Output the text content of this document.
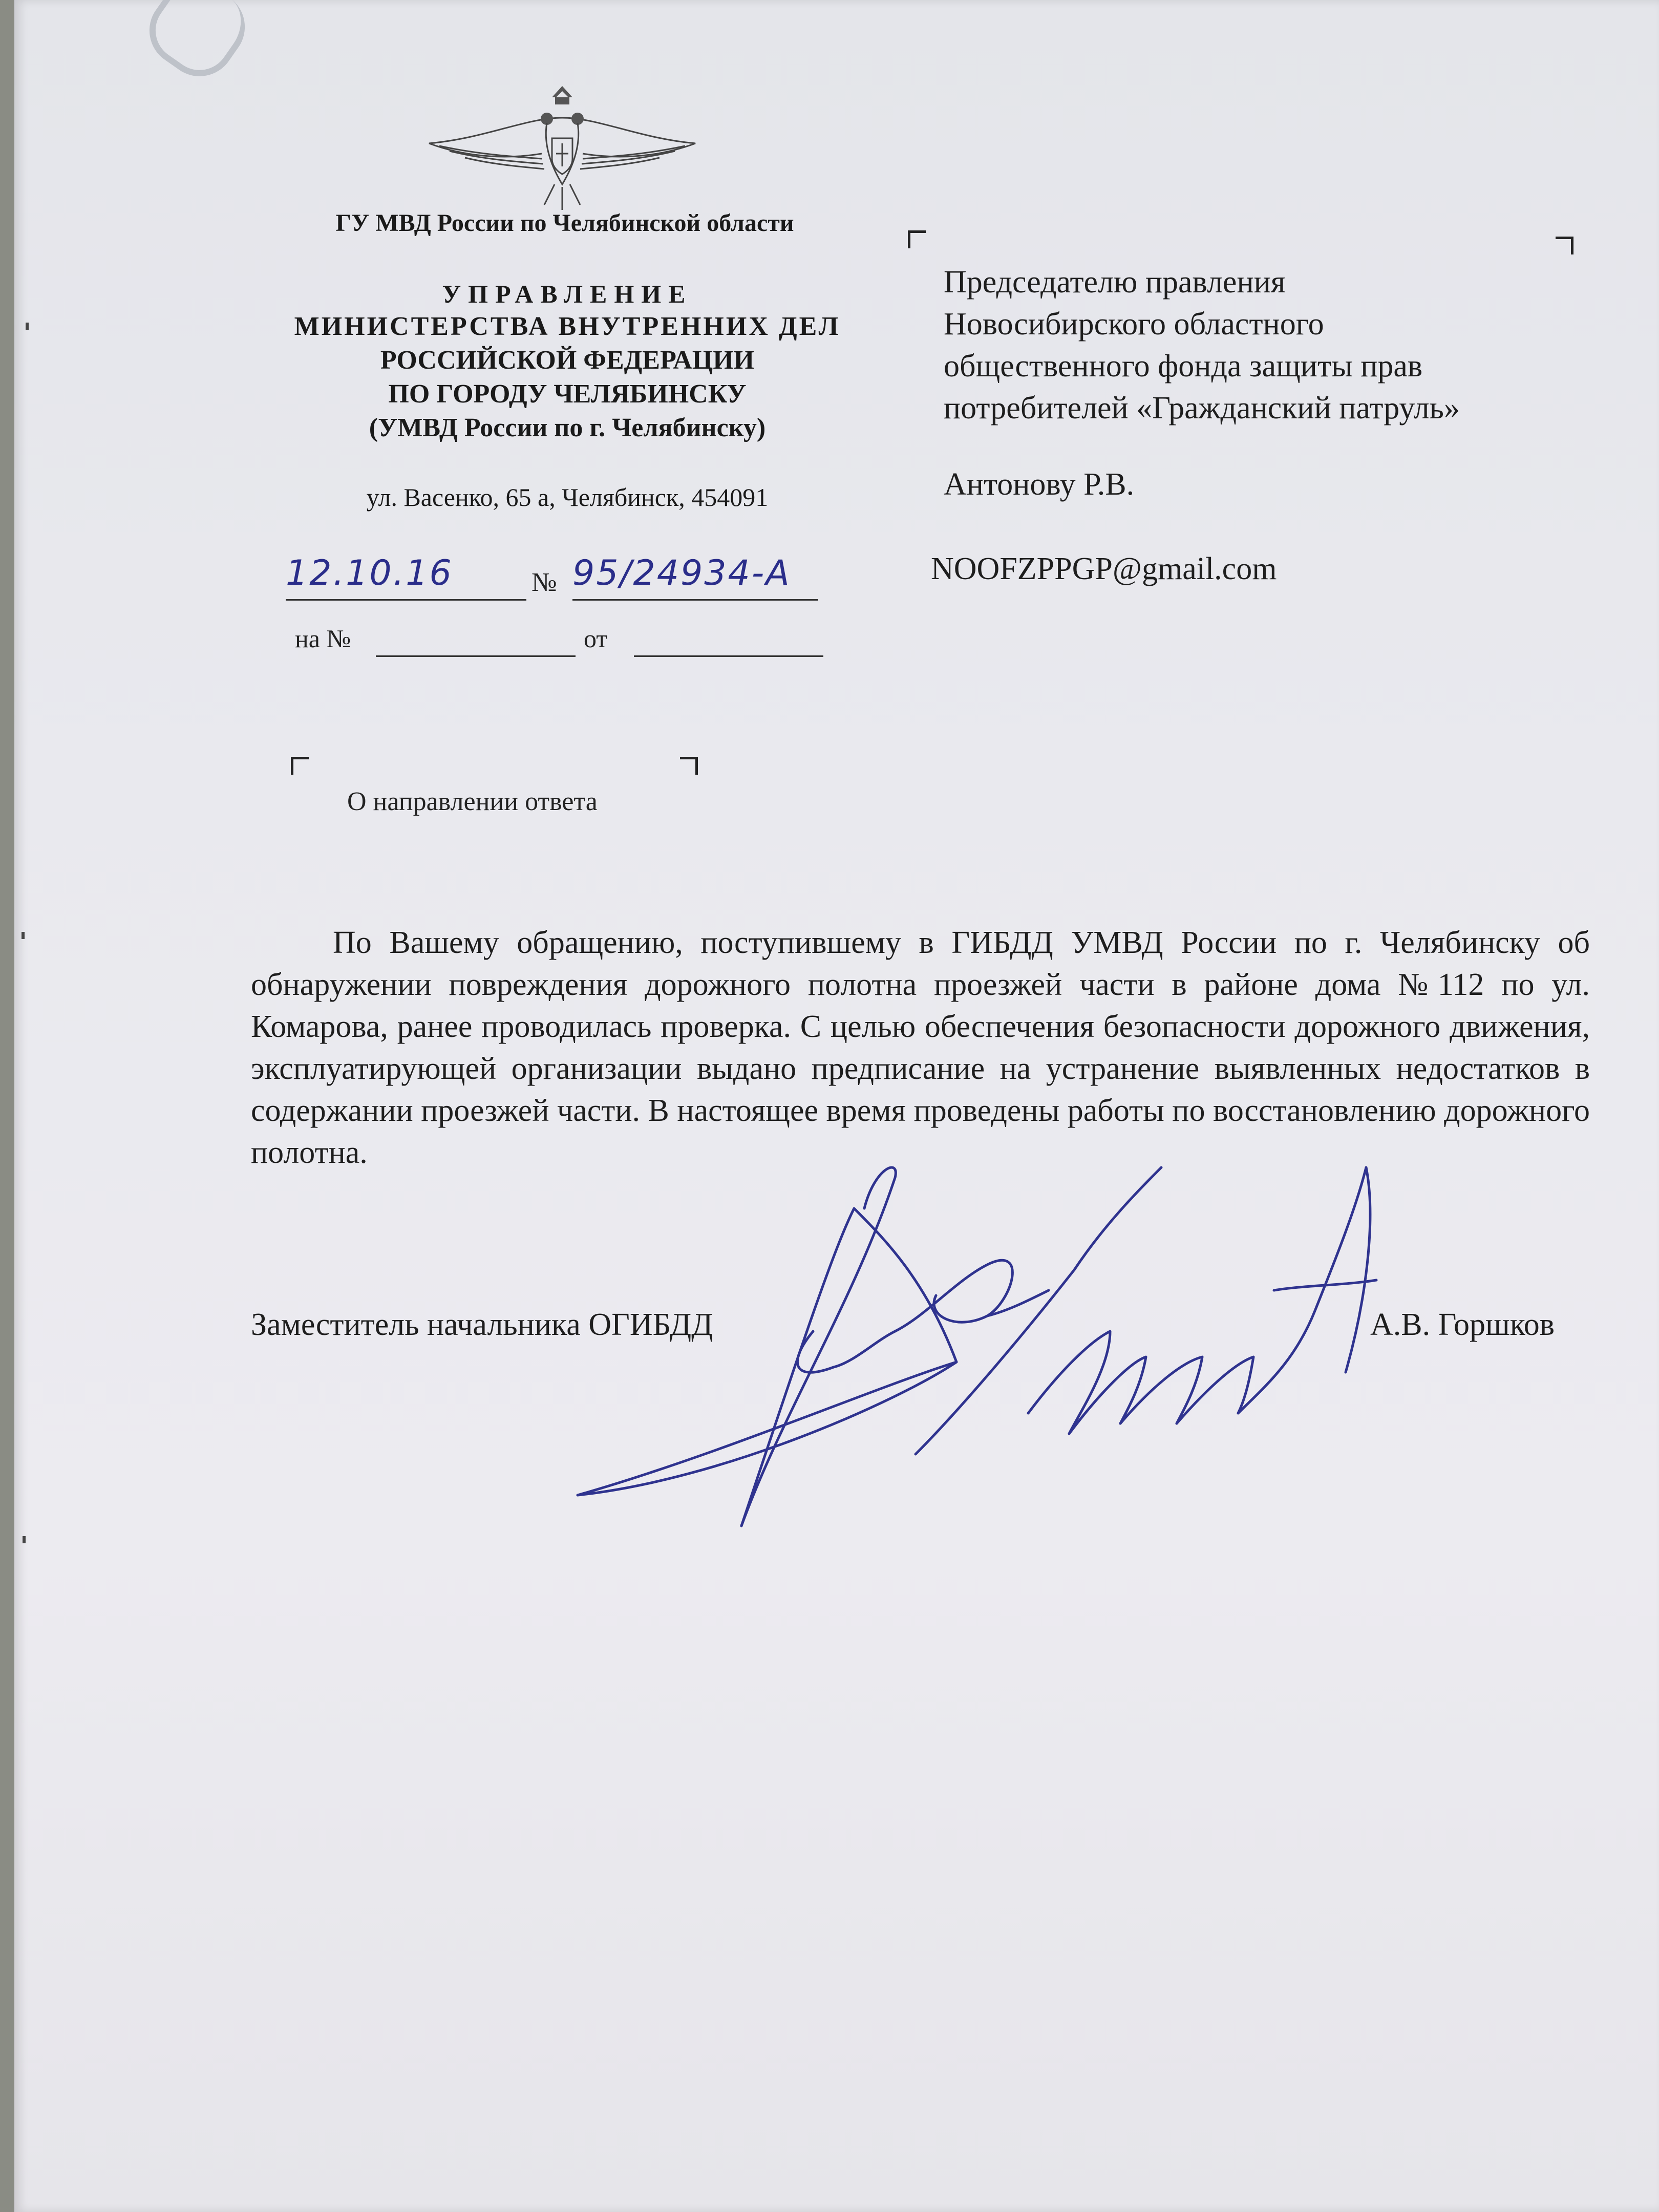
ГУ МВД России по Челябинской области
УПРАВЛЕНИЕ
МИНИСТЕРСТВА ВНУТРЕННИХ ДЕЛ
РОССИЙСКОЙ ФЕДЕРАЦИИ
ПО ГОРОДУ ЧЕЛЯБИНСКУ
(УМВД России по г. Челябинску)
ул. Васенко, 65 а, Челябинск, 454091
12.10.16	№ 95/24934-А
на №	от
О направлении ответа
Председателю правления
Новосибирского областного
общественного фонда защиты прав
потребителей «Гражданский патруль»
Антонову Р.В.
NOOFZPPGP@gmail.com
По Вашему обращению, поступившему в ГИБДД УМВД России по г. Челябинску об обнаружении повреждения дорожного полотна проезжей части в районе дома №112 по ул. Комарова, ранее проводилась проверка. С целью обеспечения безопасности дорожного движения, эксплуатирующей организации выдано предписание на устранение выявленных недостатков в содержании проезжей части. В настоящее время проведены работы по восстановлению дорожного полотна.
Заместитель начальника ОГИБДД	А.В. Горшков
